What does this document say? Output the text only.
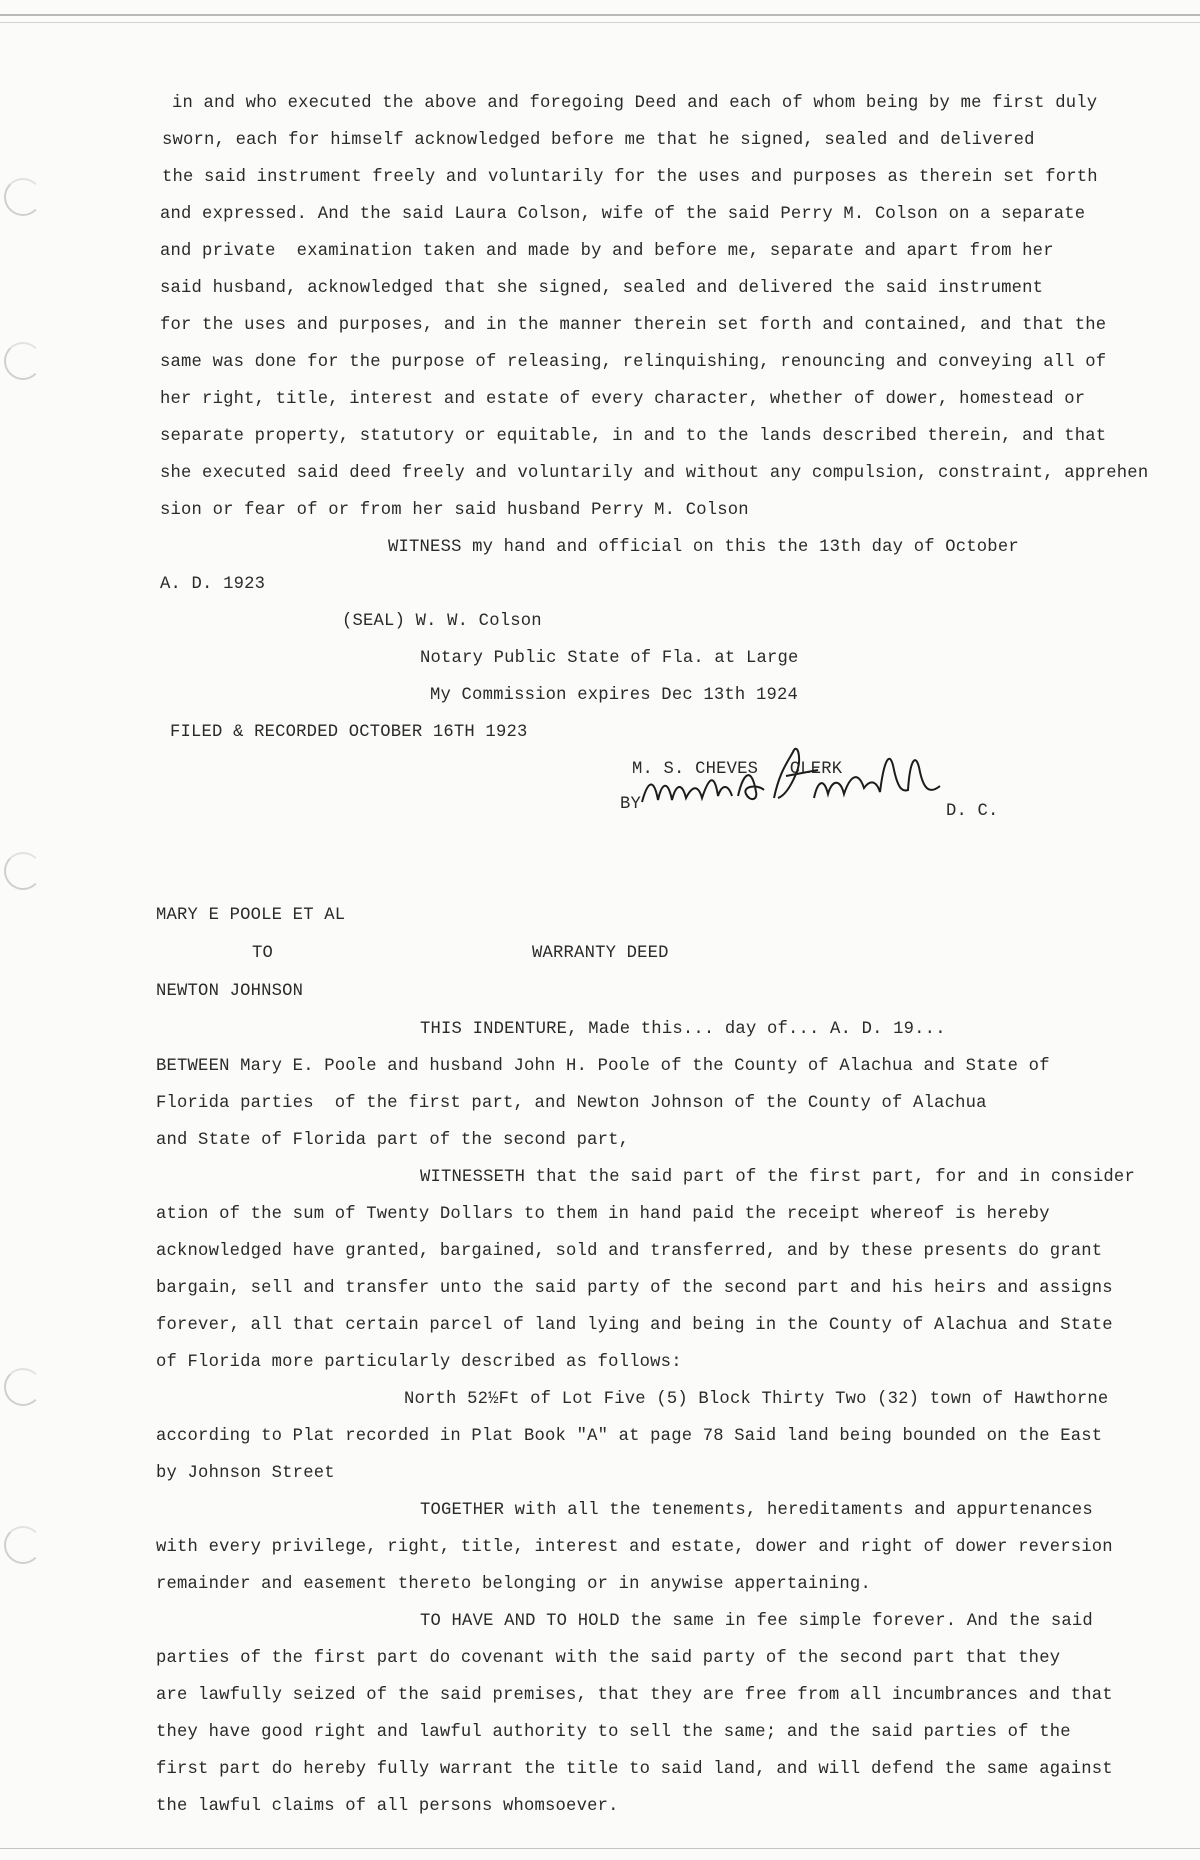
in and who executed the above and foregoing Deed and each of whom being by me first duly
sworn, each for himself acknowledged before me that he signed, sealed and delivered
the said instrument freely and voluntarily for the uses and purposes as therein set forth
and expressed. And the said Laura Colson, wife of the said Perry M. Colson on a separate
and private  examination taken and made by and before me, separate and apart from her
said husband, acknowledged that she signed, sealed and delivered the said instrument
for the uses and purposes, and in the manner therein set forth and contained, and that the
same was done for the purpose of releasing, relinquishing, renouncing and conveying all of
her right, title, interest and estate of every character, whether of dower, homestead or
separate property, statutory or equitable, in and to the lands described therein, and that
she executed said deed freely and voluntarily and without any compulsion, constraint, apprehen
sion or fear of or from her said husband Perry M. Colson
WITNESS my hand and official on this the 13th day of October
A. D. 1923
(SEAL) W. W. Colson
Notary Public State of Fla. at Large
My Commission expires Dec 13th 1924
FILED & RECORDED OCTOBER 16TH 1923
M. S. CHEVES   CLERK
BY	D. C.
MARY E POOLE ET AL
TO	WARRANTY DEED
NEWTON JOHNSON
THIS INDENTURE, Made this... day of... A. D. 19...
BETWEEN Mary E. Poole and husband John H. Poole of the County of Alachua and State of
Florida parties  of the first part, and Newton Johnson of the County of Alachua
and State of Florida part of the second part,
WITNESSETH that the said part of the first part, for and in consider
ation of the sum of Twenty Dollars to them in hand paid the receipt whereof is hereby
acknowledged have granted, bargained, sold and transferred, and by these presents do grant
bargain, sell and transfer unto the said party of the second part and his heirs and assigns
forever, all that certain parcel of land lying and being in the County of Alachua and State
of Florida more particularly described as follows:
North 52½Ft of Lot Five (5) Block Thirty Two (32) town of Hawthorne
according to Plat recorded in Plat Book "A" at page 78 Said land being bounded on the East
by Johnson Street
TOGETHER with all the tenements, hereditaments and appurtenances
with every privilege, right, title, interest and estate, dower and right of dower reversion
remainder and easement thereto belonging or in anywise appertaining.
TO HAVE AND TO HOLD the same in fee simple forever. And the said
parties of the first part do covenant with the said party of the second part that they
are lawfully seized of the said premises, that they are free from all incumbrances and that
they have good right and lawful authority to sell the same; and the said parties of the
first part do hereby fully warrant the title to said land, and will defend the same against
the lawful claims of all persons whomsoever.
